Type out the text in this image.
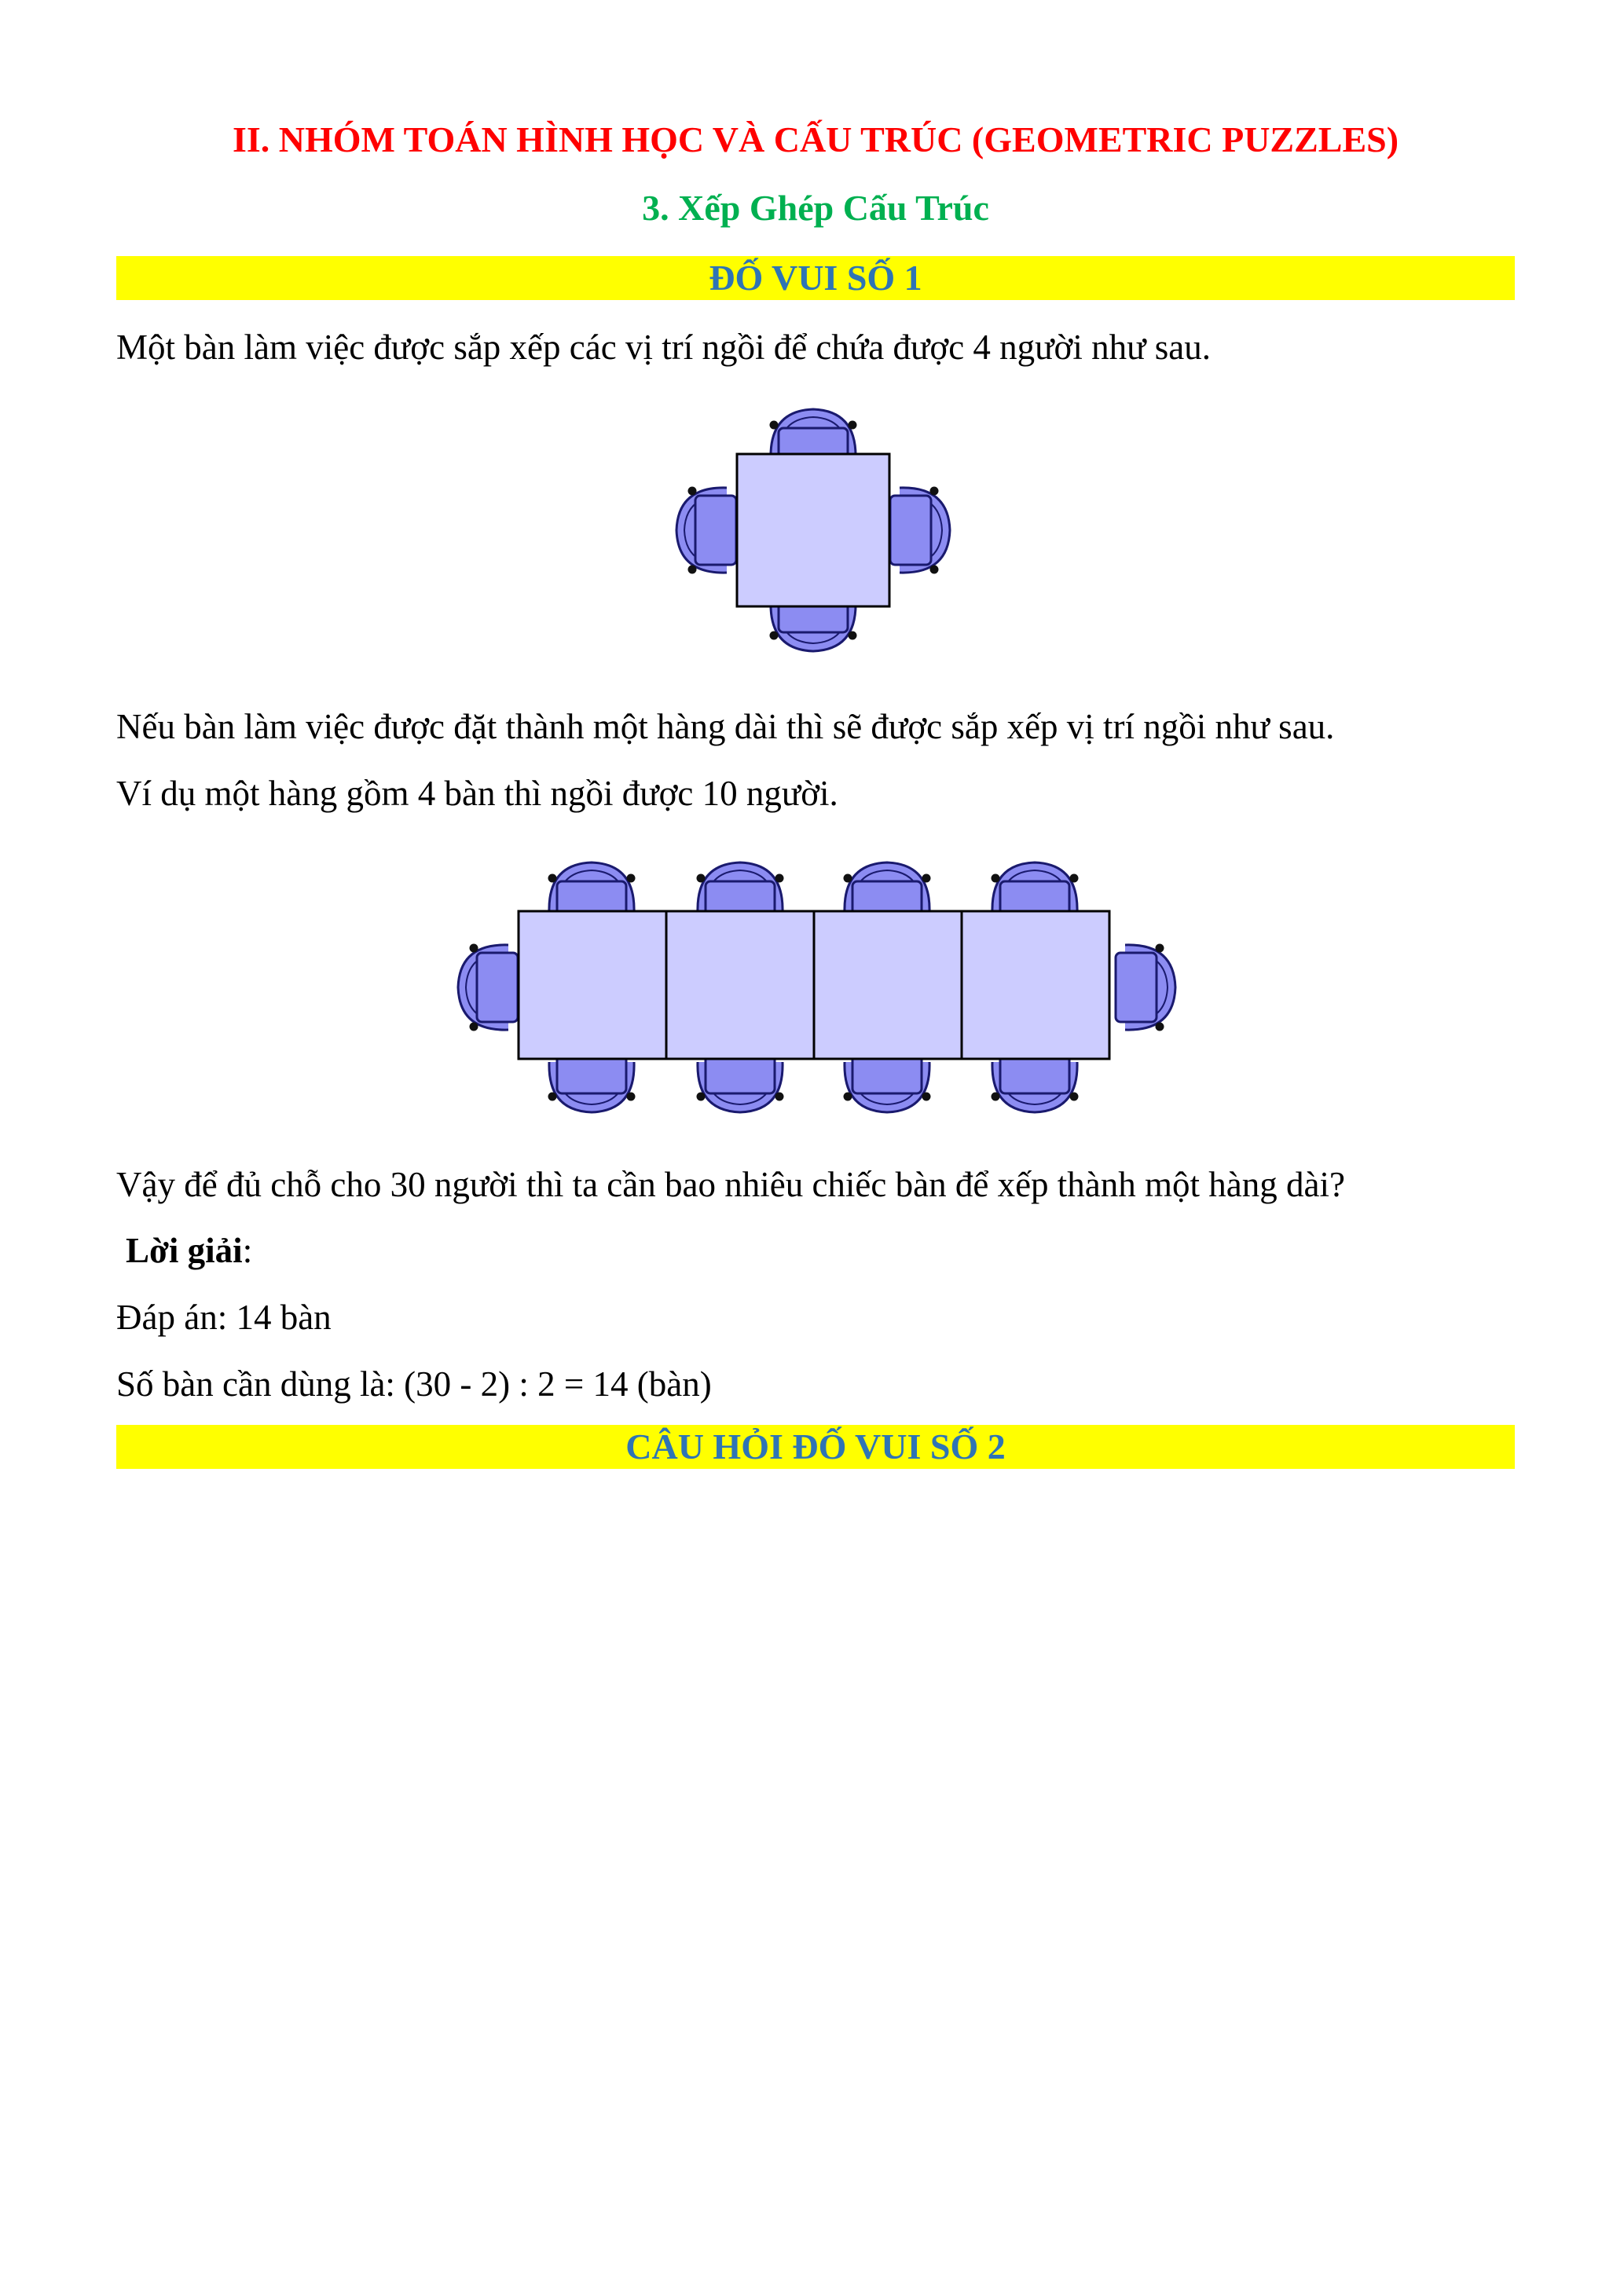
II. NHÓM TOÁN HÌNH HỌC VÀ CẤU TRÚC (GEOMETRIC PUZZLES)
3. Xếp Ghép Cấu Trúc
ĐỐ VUI SỐ 1
Một bàn làm việc được sắp xếp các vị trí ngồi để chứa được 4 người như sau.
Nếu bàn làm việc được đặt thành một hàng dài thì sẽ được sắp xếp vị trí ngồi như sau.
Ví dụ một hàng gồm 4 bàn thì ngồi được 10 người.
Vậy để đủ chỗ cho 30 người thì ta cần bao nhiêu chiếc bàn để xếp thành một hàng dài?
Lời giải:
Đáp án: 14 bàn
Số bàn cần dùng là: (30 - 2) : 2 = 14 (bàn)
CÂU HỎI ĐỐ VUI SỐ 2
